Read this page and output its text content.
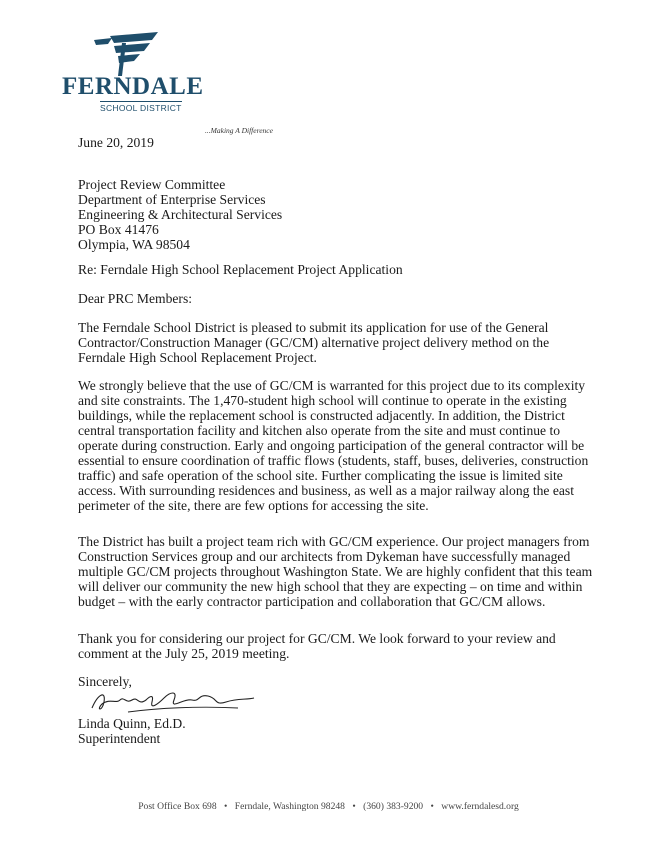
FERNDALE
SCHOOL DISTRICT
...Making A Difference
June 20, 2019
Project Review Committee
Department of Enterprise Services
Engineering & Architectural Services
PO Box 41476
Olympia, WA 98504
Re: Ferndale High School Replacement Project Application
Dear PRC Members:

The Ferndale School District is pleased to submit its application for use of the General Contractor/Construction Manager (GC/CM) alternative project delivery method on the Ferndale High School Replacement Project.

We strongly believe that the use of GC/CM is warranted for this project due to its complexity and site constraints. The 1,470-student high school will continue to operate in the existing buildings, while the replacement school is constructed adjacently. In addition, the District central transportation facility and kitchen also operate from the site and must continue to operate during construction. Early and ongoing participation of the general contractor will be essential to ensure coordination of traffic flows (students, staff, buses, deliveries, construction traffic) and safe operation of the school site. Further complicating the issue is limited site access. With surrounding residences and business, as well as a major railway along the east perimeter of the site, there are few options for accessing the site.

The District has built a project team rich with GC/CM experience. Our project managers from Construction Services group and our architects from Dykeman have successfully managed multiple GC/CM projects throughout Washington State. We are highly confident that this team will deliver our community the new high school that they are expecting – on time and within budget – with the early contractor participation and collaboration that GC/CM allows.

Thank you for considering our project for GC/CM. We look forward to your review and comment at the July 25, 2019 meeting.

Sincerely,
Linda Quinn, Ed.D.
Superintendent
Post Office Box 698 • Ferndale, Washington 98248 • (360) 383-9200 • www.ferndalesd.org
